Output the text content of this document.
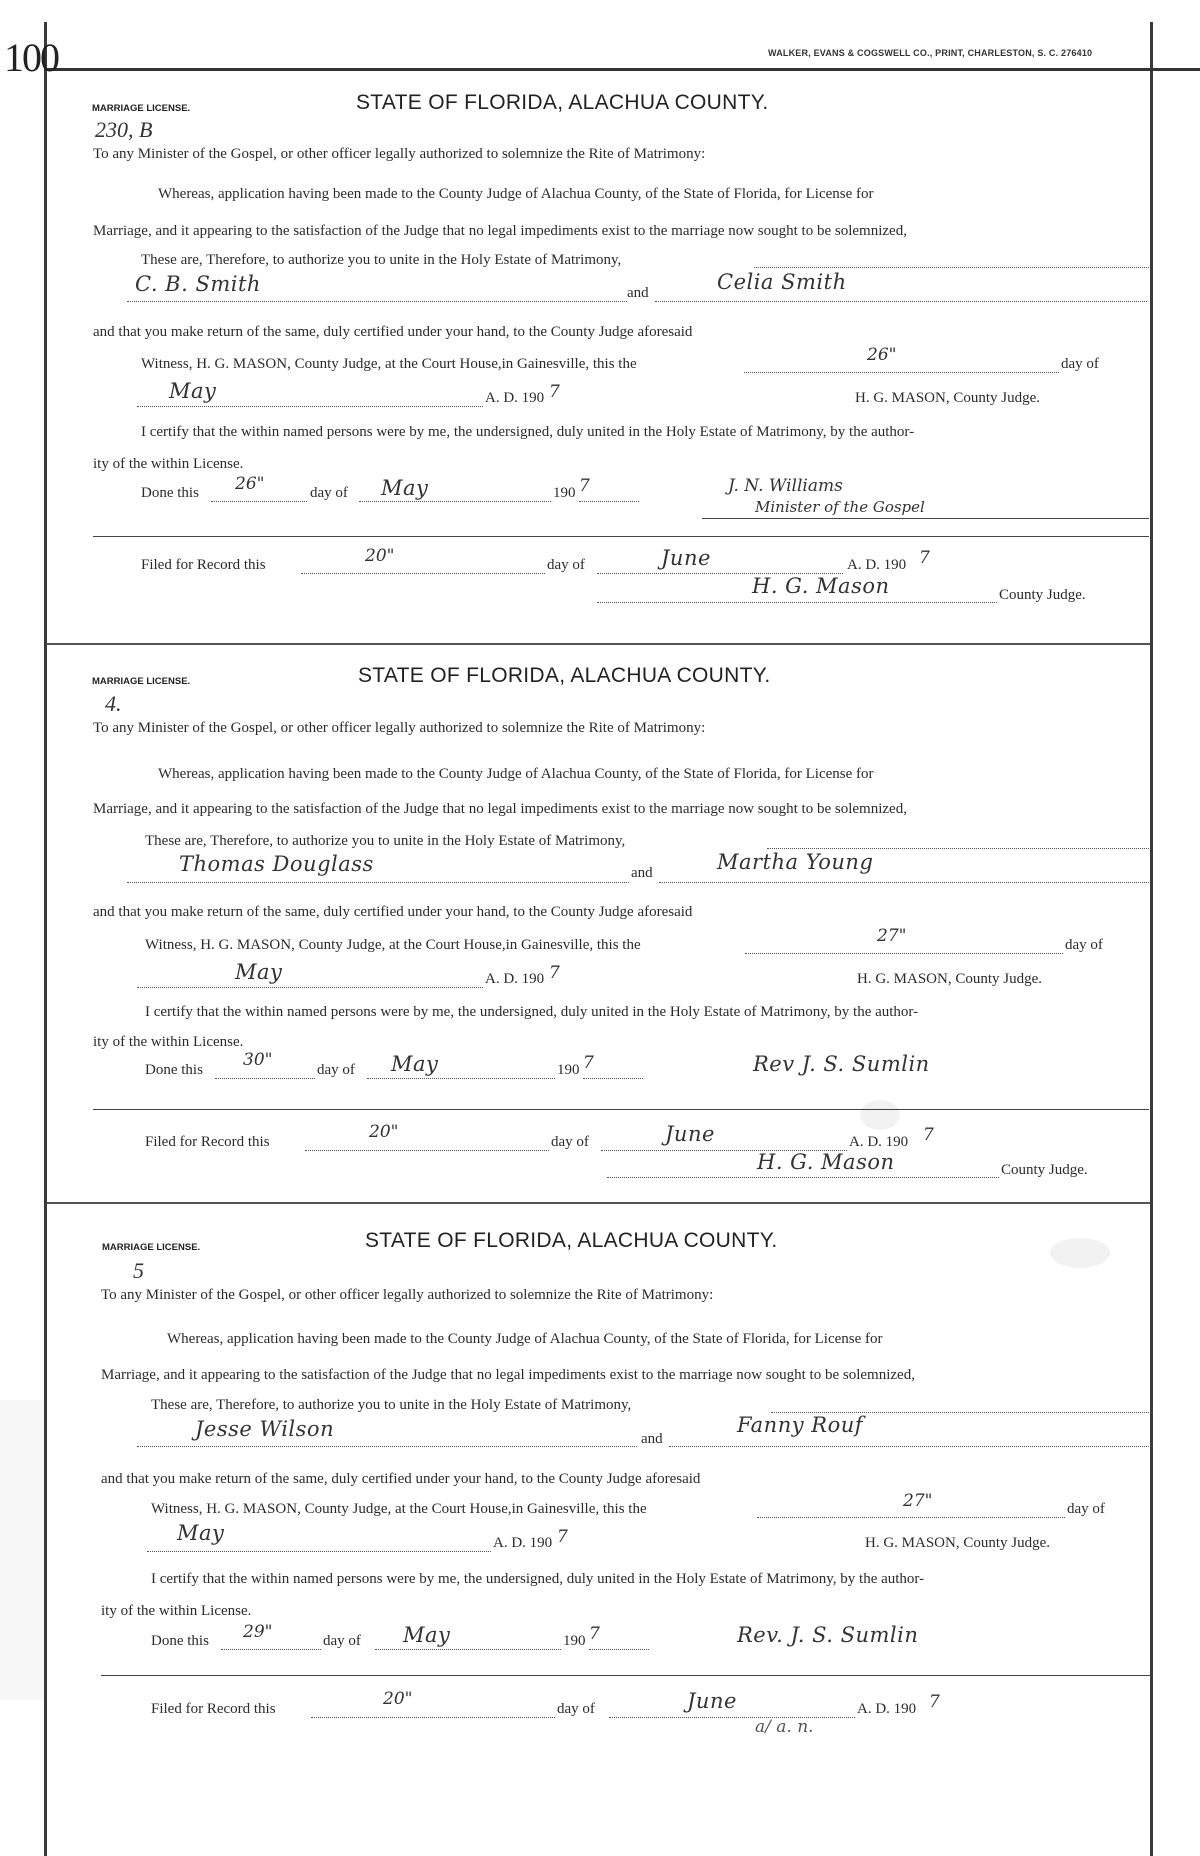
100	WALKER, EVANS & COGSWELL CO., PRINT, CHARLESTON, S. C. 276410
MARRIAGE LICENSE.	STATE OF FLORIDA, ALACHUA COUNTY.
230, B
To any Minister of the Gospel, or other officer legally authorized to solemnize the Rite of Matrimony:
Whereas, application having been made to the County Judge of Alachua County, of the State of Florida, for License for
Marriage, and it appearing to the satisfaction of the Judge that no legal impediments exist to the marriage now sought to be solemnized,
These are, Therefore, to authorize you to unite in the Holy Estate of Matrimony,
C. B. Smith	and	Celia Smith
and that you make return of the same, duly certified under your hand, to the County Judge aforesaid
Witness, H. G. MASON, County Judge, at the Court House,in Gainesville, this the	26"	day of
May	A. D. 190 7	H. G. MASON, County Judge.
I certify that the within named persons were by me, the undersigned, duly united in the Holy Estate of Matrimony, by the author-
ity of the within License.
Done this 26"	day of May	190 7	J. N. Williams
Minister of the Gospel
Filed for Record this	20"	day of	June	A. D. 190 7
H. G. Mason	County Judge.
MARRIAGE LICENSE.	STATE OF FLORIDA, ALACHUA COUNTY.
4.
To any Minister of the Gospel, or other officer legally authorized to solemnize the Rite of Matrimony:
Whereas, application having been made to the County Judge of Alachua County, of the State of Florida, for License for
Marriage, and it appearing to the satisfaction of the Judge that no legal impediments exist to the marriage now sought to be solemnized,
These are, Therefore, to authorize you to unite in the Holy Estate of Matrimony,
Thomas Douglass	and	Martha Young
and that you make return of the same, duly certified under your hand, to the County Judge aforesaid
Witness, H. G. MASON, County Judge, at the Court House,in Gainesville, this the	27"	day of
May	A. D. 190 7	H. G. MASON, County Judge.
I certify that the within named persons were by me, the undersigned, duly united in the Holy Estate of Matrimony, by the author-
ity of the within License.
Done this 30"	day of May	190 7	Rev J. S. Sumlin
Filed for Record this	20"	day of	June	A. D. 190 7
H. G. Mason	County Judge.
MARRIAGE LICENSE.	STATE OF FLORIDA, ALACHUA COUNTY.
5
To any Minister of the Gospel, or other officer legally authorized to solemnize the Rite of Matrimony:
Whereas, application having been made to the County Judge of Alachua County, of the State of Florida, for License for
Marriage, and it appearing to the satisfaction of the Judge that no legal impediments exist to the marriage now sought to be solemnized,
These are, Therefore, to authorize you to unite in the Holy Estate of Matrimony,
Jesse Wilson	and
Fanny Rouf
and that you make return of the same, duly certified under your hand, to the County Judge aforesaid
Witness, H. G. MASON, County Judge, at the Court House,in Gainesville, this the	27"	day of
May	A. D. 190 7	H. G. MASON, County Judge.
I certify that the within named persons were by me, the undersigned, duly united in the Holy Estate of Matrimony, by the author-
ity of the within License.
Done this 29"	day of May	190 7	Rev. J. S. Sumlin
Filed for Record this	20"	day of	June	A. D. 190 7
a/ a. n.
